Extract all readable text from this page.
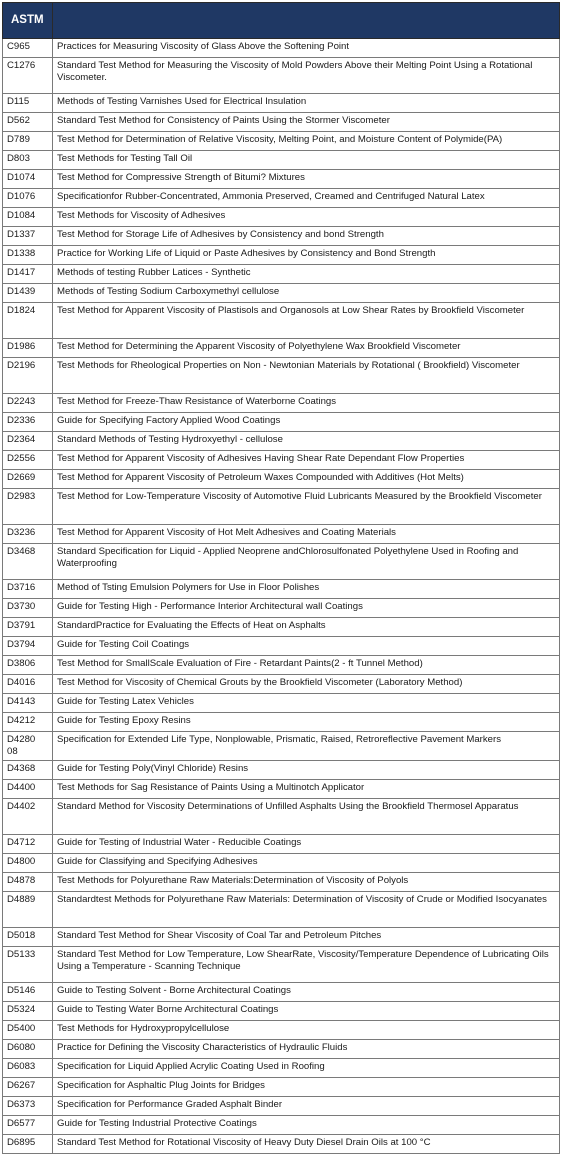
ASTM	
C965	Practices for Measuring Viscosity of Glass Above the Softening Point
C1276	Standard Test Method for Measuring the Viscosity of Mold Powders Above their Melting Point Using a Rotational Viscometer.
D115	Methods of Testing Varnishes Used for Electrical Insulation
D562	Standard Test Method for Consistency of Paints Using the Stormer Viscometer
D789	Test Method for Determination of Relative Viscosity, Melting Point, and Moisture Content of Polymide(PA)
D803	Test Methods for Testing Tall Oil
D1074	Test Method for Compressive Strength of Bitumi? Mixtures
D1076	Specificationfor Rubber-Concentrated, Ammonia Preserved, Creamed and Centrifuged Natural Latex
D1084	Test Methods for Viscosity of Adhesives
D1337	Test Method for Storage Life of Adhesives by Consistency and bond Strength
D1338	Practice for Working Life of Liquid or Paste Adhesives by Consistency and Bond Strength
D1417	Methods of testing Rubber Latices - Synthetic
D1439	Methods of Testing Sodium Carboxymethyl cellulose
D1824	Test Method for Apparent Viscosity of Plastisols and Organosols at Low Shear Rates by Brookfield Viscometer
D1986	Test Method for Determining the Apparent Viscosity of Polyethylene Wax Brookfield Viscometer
D2196	Test Methods for Rheological Properties on Non - Newtonian Materials by Rotational ( Brookfield) Viscometer
D2243	Test Method for Freeze-Thaw Resistance of Waterborne Coatings
D2336	Guide for Specifying Factory Applied Wood Coatings
D2364	Standard Methods of Testing Hydroxyethyl - cellulose
D2556	Test Method for Apparent Viscosity of Adhesives Having Shear Rate Dependant Flow Properties
D2669	Test Method for Apparent Viscosity of Petroleum Waxes Compounded with Additives (Hot Melts)
D2983	Test Method for Low-Temperature Viscosity of Automotive Fluid Lubricants Measured by the Brookfield Viscometer
D3236	Test Method for Apparent Viscosity of Hot Melt Adhesives and Coating Materials
D3468	Standard Specification for Liquid - Applied Neoprene andChlorosulfonated Polyethylene Used in Roofing and Waterproofing
D3716	Method of Tsting Emulsion Polymers for Use in Floor Polishes
D3730	Guide for Testing High - Performance Interior Architectural wall Coatings
D3791	StandardPractice for Evaluating the Effects of Heat on Asphalts
D3794	Guide for Testing Coil Coatings
D3806	Test Method for SmallScale Evaluation of Fire - Retardant Paints(2 - ft Tunnel Method)
D4016	Test Method for Viscosity of Chemical Grouts by the Brookfield Viscometer (Laboratory Method)
D4143	Guide for Testing Latex Vehicles
D4212	Guide for Testing Epoxy Resins
D4280 08	Specification for Extended Life Type, Nonplowable, Prismatic, Raised, Retroreflective Pavement Markers
D4368	Guide for Testing Poly(Vinyl Chloride) Resins
D4400	Test Methods for Sag Resistance of Paints Using a Multinotch Applicator
D4402	Standard Method for Viscosity Determinations of Unfilled Asphalts Using the Brookfield Thermosel Apparatus
D4712	Guide for Testing of Industrial Water - Reducible Coatings
D4800	Guide for Classifying and Specifying Adhesives
D4878	Test Methods for Polyurethane Raw Materials:Determination of Viscosity of Polyols
D4889	Standardtest Methods for Polyurethane Raw Materials: Determination of Viscosity of Crude or Modified Isocyanates
D5018	Standard Test Method for Shear Viscosity of Coal Tar and Petroleum Pitches
D5133	Standard Test Method for Low Temperature, Low ShearRate, Viscosity/Temperature Dependence of Lubricating Oils Using a Temperature - Scanning Technique
D5146	Guide to Testing Solvent - Borne Architectural Coatings
D5324	Guide to Testing Water Borne Architectural Coatings
D5400	Test Methods for Hydroxypropylcellulose
D6080	Practice for Defining the Viscosity Characteristics of Hydraulic Fluids
D6083	Specification for Liquid Applied Acrylic Coating Used in Roofing
D6267	Specification for Asphaltic Plug Joints for Bridges
D6373	Specification for Performance Graded Asphalt Binder
D6577	Guide for Testing Industrial Protective Coatings
D6895	Standard Test Method for Rotational Viscosity of Heavy Duty Diesel Drain Oils at 100 °C
